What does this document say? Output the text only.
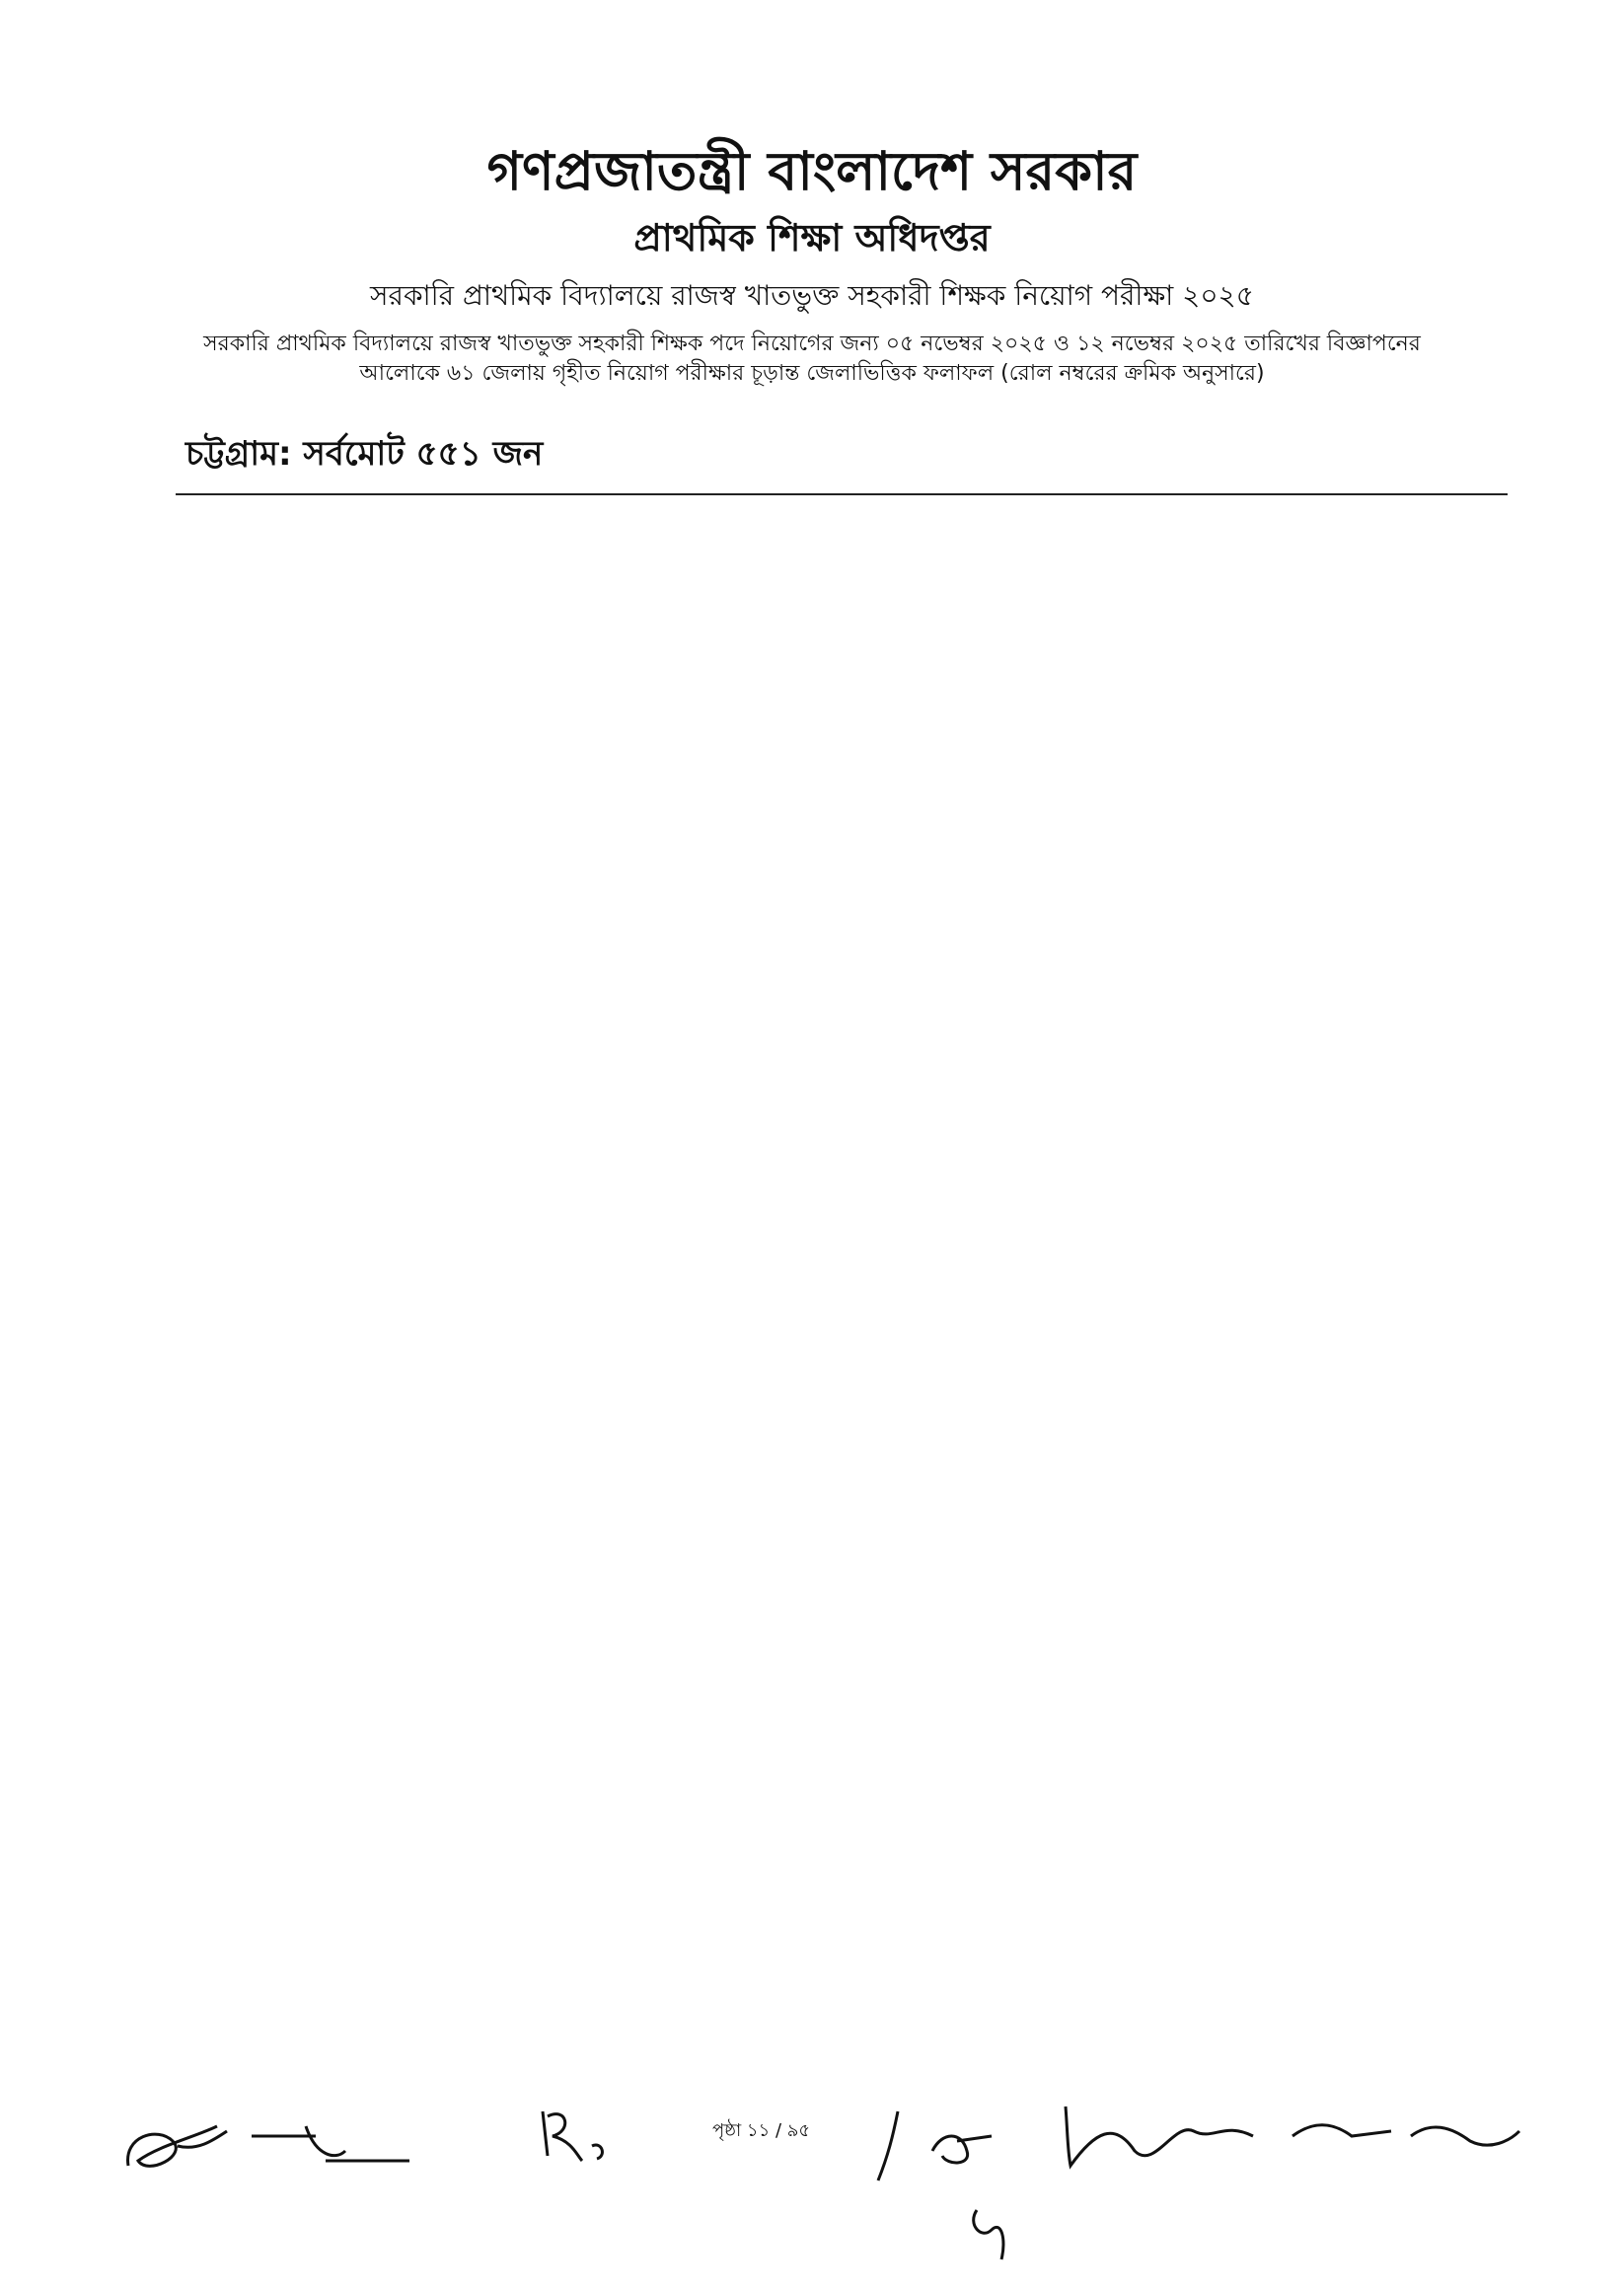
গণপ্রজাতন্ত্রী বাংলাদেশ সরকার
প্রাথমিক শিক্ষা অধিদপ্তর
সরকারি প্রাথমিক বিদ্যালয়ে রাজস্ব খাতভুক্ত সহকারী শিক্ষক নিয়োগ পরীক্ষা ২০২৫
সরকারি প্রাথমিক বিদ্যালয়ে রাজস্ব খাতভুক্ত সহকারী শিক্ষক পদে নিয়োগের জন্য ০৫ নভেম্বর ২০২৫ ও ১২ নভেম্বর ২০২৫ তারিখের বিজ্ঞাপনের
আলোকে ৬১ জেলায় গৃহীত নিয়োগ পরীক্ষার চূড়ান্ত জেলাভিত্তিক ফলাফল (রোল নম্বরের ক্রমিক অনুসারে)
চট্টগ্রাম: সর্বমোট ৫৫১ জন
পৃষ্ঠা ১১ / ৯৫
